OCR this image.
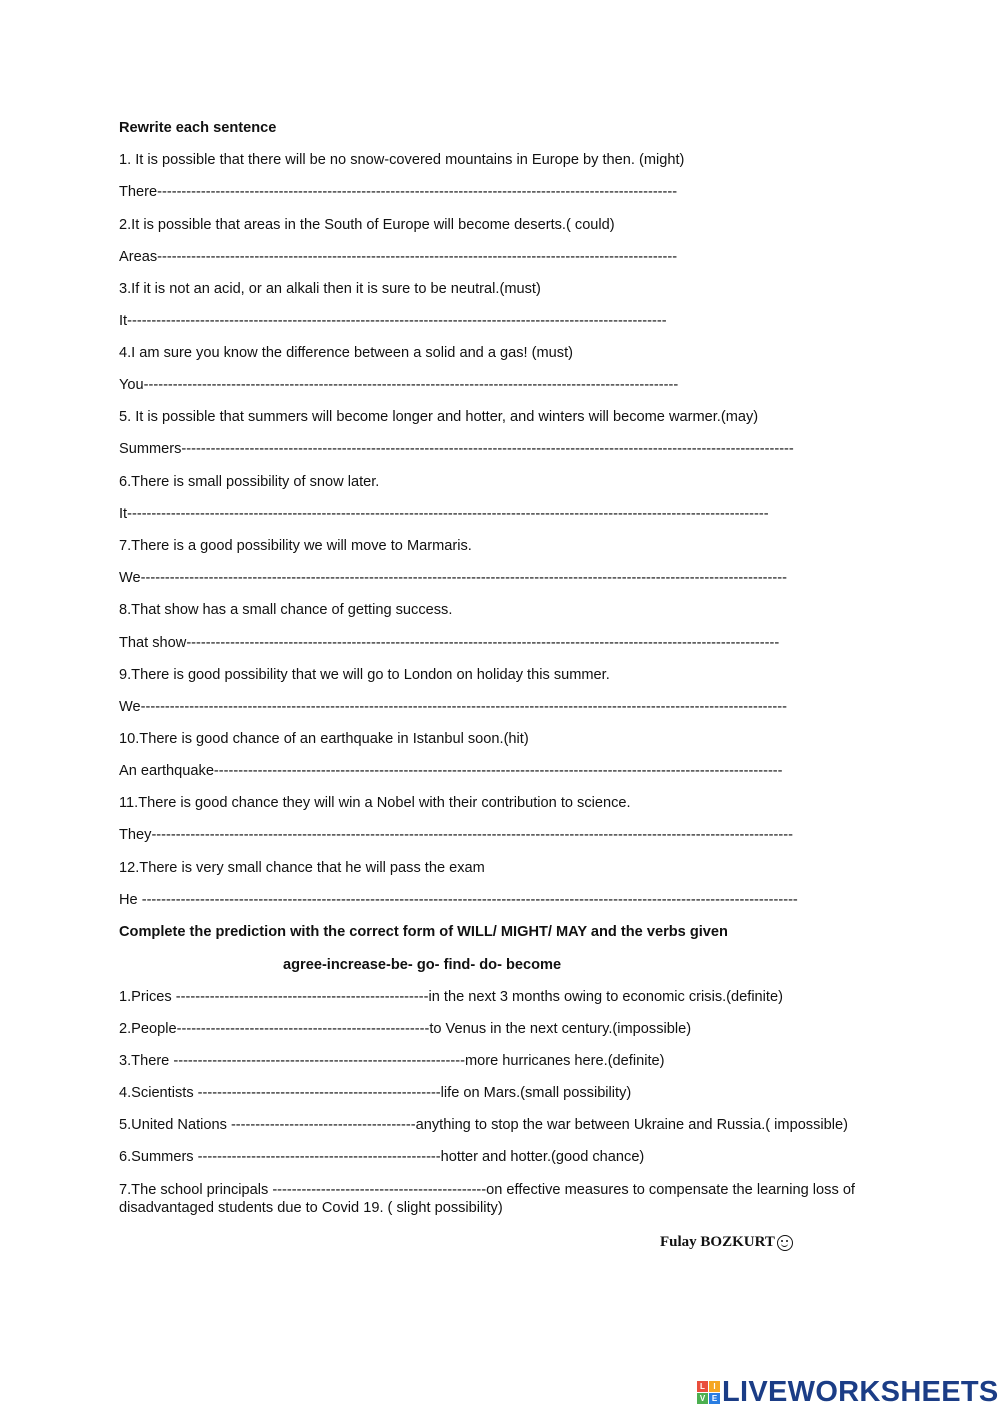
Rewrite each sentence
1. It is possible that there will be no snow-covered mountains in Europe by then. (might)
There-----------------------------------------------------------------------------------------------------------
2.It is possible that areas in the South of Europe will become deserts.( could)
Areas-----------------------------------------------------------------------------------------------------------
3.If it is not an acid, or an alkali then it is sure to be neutral.(must)
It---------------------------------------------------------------------------------------------------------------
4.I am sure you know the difference between a solid and a gas! (must)
You--------------------------------------------------------------------------------------------------------------
5. It is possible that summers will become longer and hotter, and winters will become warmer.(may)
Summers------------------------------------------------------------------------------------------------------------------------------
6.There is small possibility of snow later.
It------------------------------------------------------------------------------------------------------------------------------------
7.There is a good possibility we will move to Marmaris.
We-------------------------------------------------------------------------------------------------------------------------------------
8.That show has a small chance of getting success.
That show--------------------------------------------------------------------------------------------------------------------------
9.There is good possibility that we will go to London on holiday this summer.
We-------------------------------------------------------------------------------------------------------------------------------------
10.There is good chance of an earthquake in Istanbul soon.(hit)
An earthquake---------------------------------------------------------------------------------------------------------------------
11.There is good chance they will win a Nobel with their contribution to science.
They------------------------------------------------------------------------------------------------------------------------------------
12.There is very small chance that he will pass the exam
He ---------------------------------------------------------------------------------------------------------------------------------------
Complete the prediction with the correct form of WILL/ MIGHT/ MAY and the verbs given
agree-increase-be- go- find- do- become
1.Prices ----------------------------------------------------in the next 3 months owing to economic crisis.(definite)
2.People----------------------------------------------------to Venus in the next century.(impossible)
3.There ------------------------------------------------------------more hurricanes here.(definite)
4.Scientists --------------------------------------------------life on Mars.(small possibility)
5.United Nations --------------------------------------anything to stop the war between Ukraine and Russia.( impossible)
6.Summers --------------------------------------------------hotter and hotter.(good chance)
7.The school principals --------------------------------------------on effective measures to compensate the learning loss of disadvantaged students due to Covid 19. ( slight possibility)
Fulay BOZKURT
L	I
V E LIVEWORKSHEETS
